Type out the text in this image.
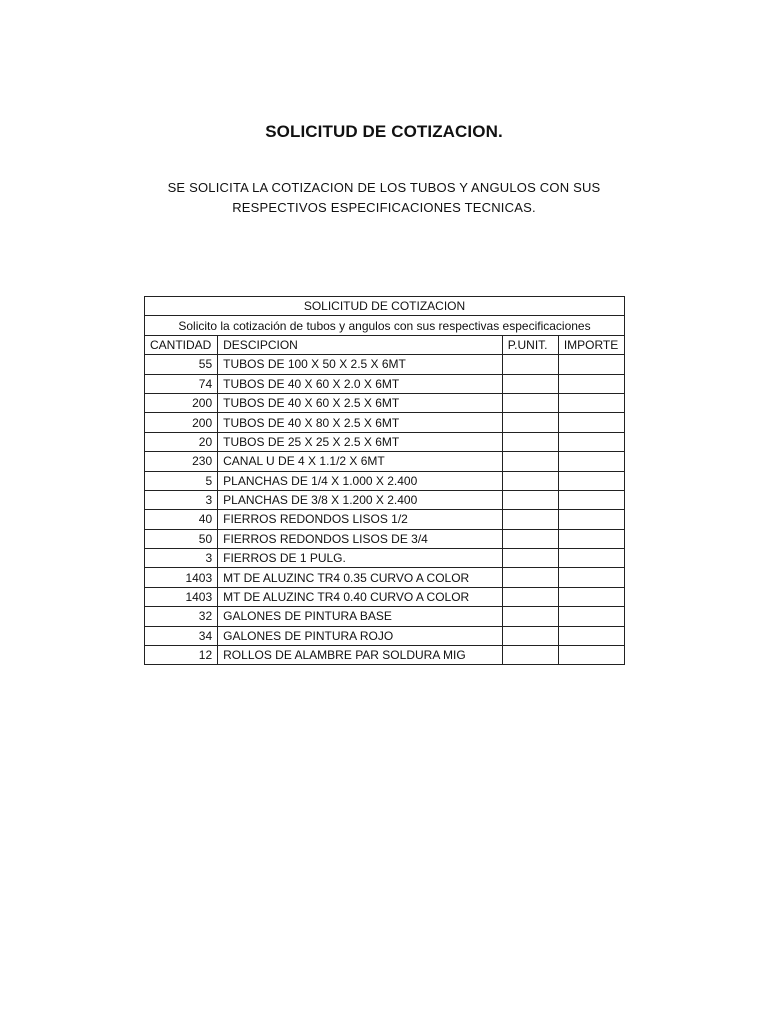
SOLICITUD DE COTIZACION.
SE SOLICITA LA COTIZACION DE LOS TUBOS Y ANGULOS CON SUS RESPECTIVOS ESPECIFICACIONES TECNICAS.
SOLICITUD DE COTIZACION			
Solicito la cotización de tubos y angulos con sus respectivas especificaciones			
CANTIDAD	DESCIPCION	P.UNIT.	IMPORTE
55	TUBOS DE 100 X 50 X 2.5 X 6MT		
74	TUBOS DE 40 X 60 X 2.0 X 6MT		
200	TUBOS DE 40 X 60 X 2.5 X 6MT		
200	TUBOS DE 40 X 80 X 2.5 X 6MT		
20	TUBOS DE 25 X 25 X 2.5 X 6MT		
230	CANAL U DE 4 X 1.1/2 X 6MT		
5	PLANCHAS DE 1/4 X 1.000 X 2.400		
3	PLANCHAS DE 3/8 X 1.200 X 2.400		
40	FIERROS REDONDOS LISOS 1/2		
50	FIERROS REDONDOS LISOS DE 3/4		
3	FIERROS DE 1 PULG.		
1403	MT DE ALUZINC TR4 0.35 CURVO A COLOR		
1403	MT DE ALUZINC TR4 0.40 CURVO A COLOR		
32	GALONES DE PINTURA BASE		
34	GALONES DE PINTURA ROJO		
12	ROLLOS DE ALAMBRE PAR SOLDURA MIG		
